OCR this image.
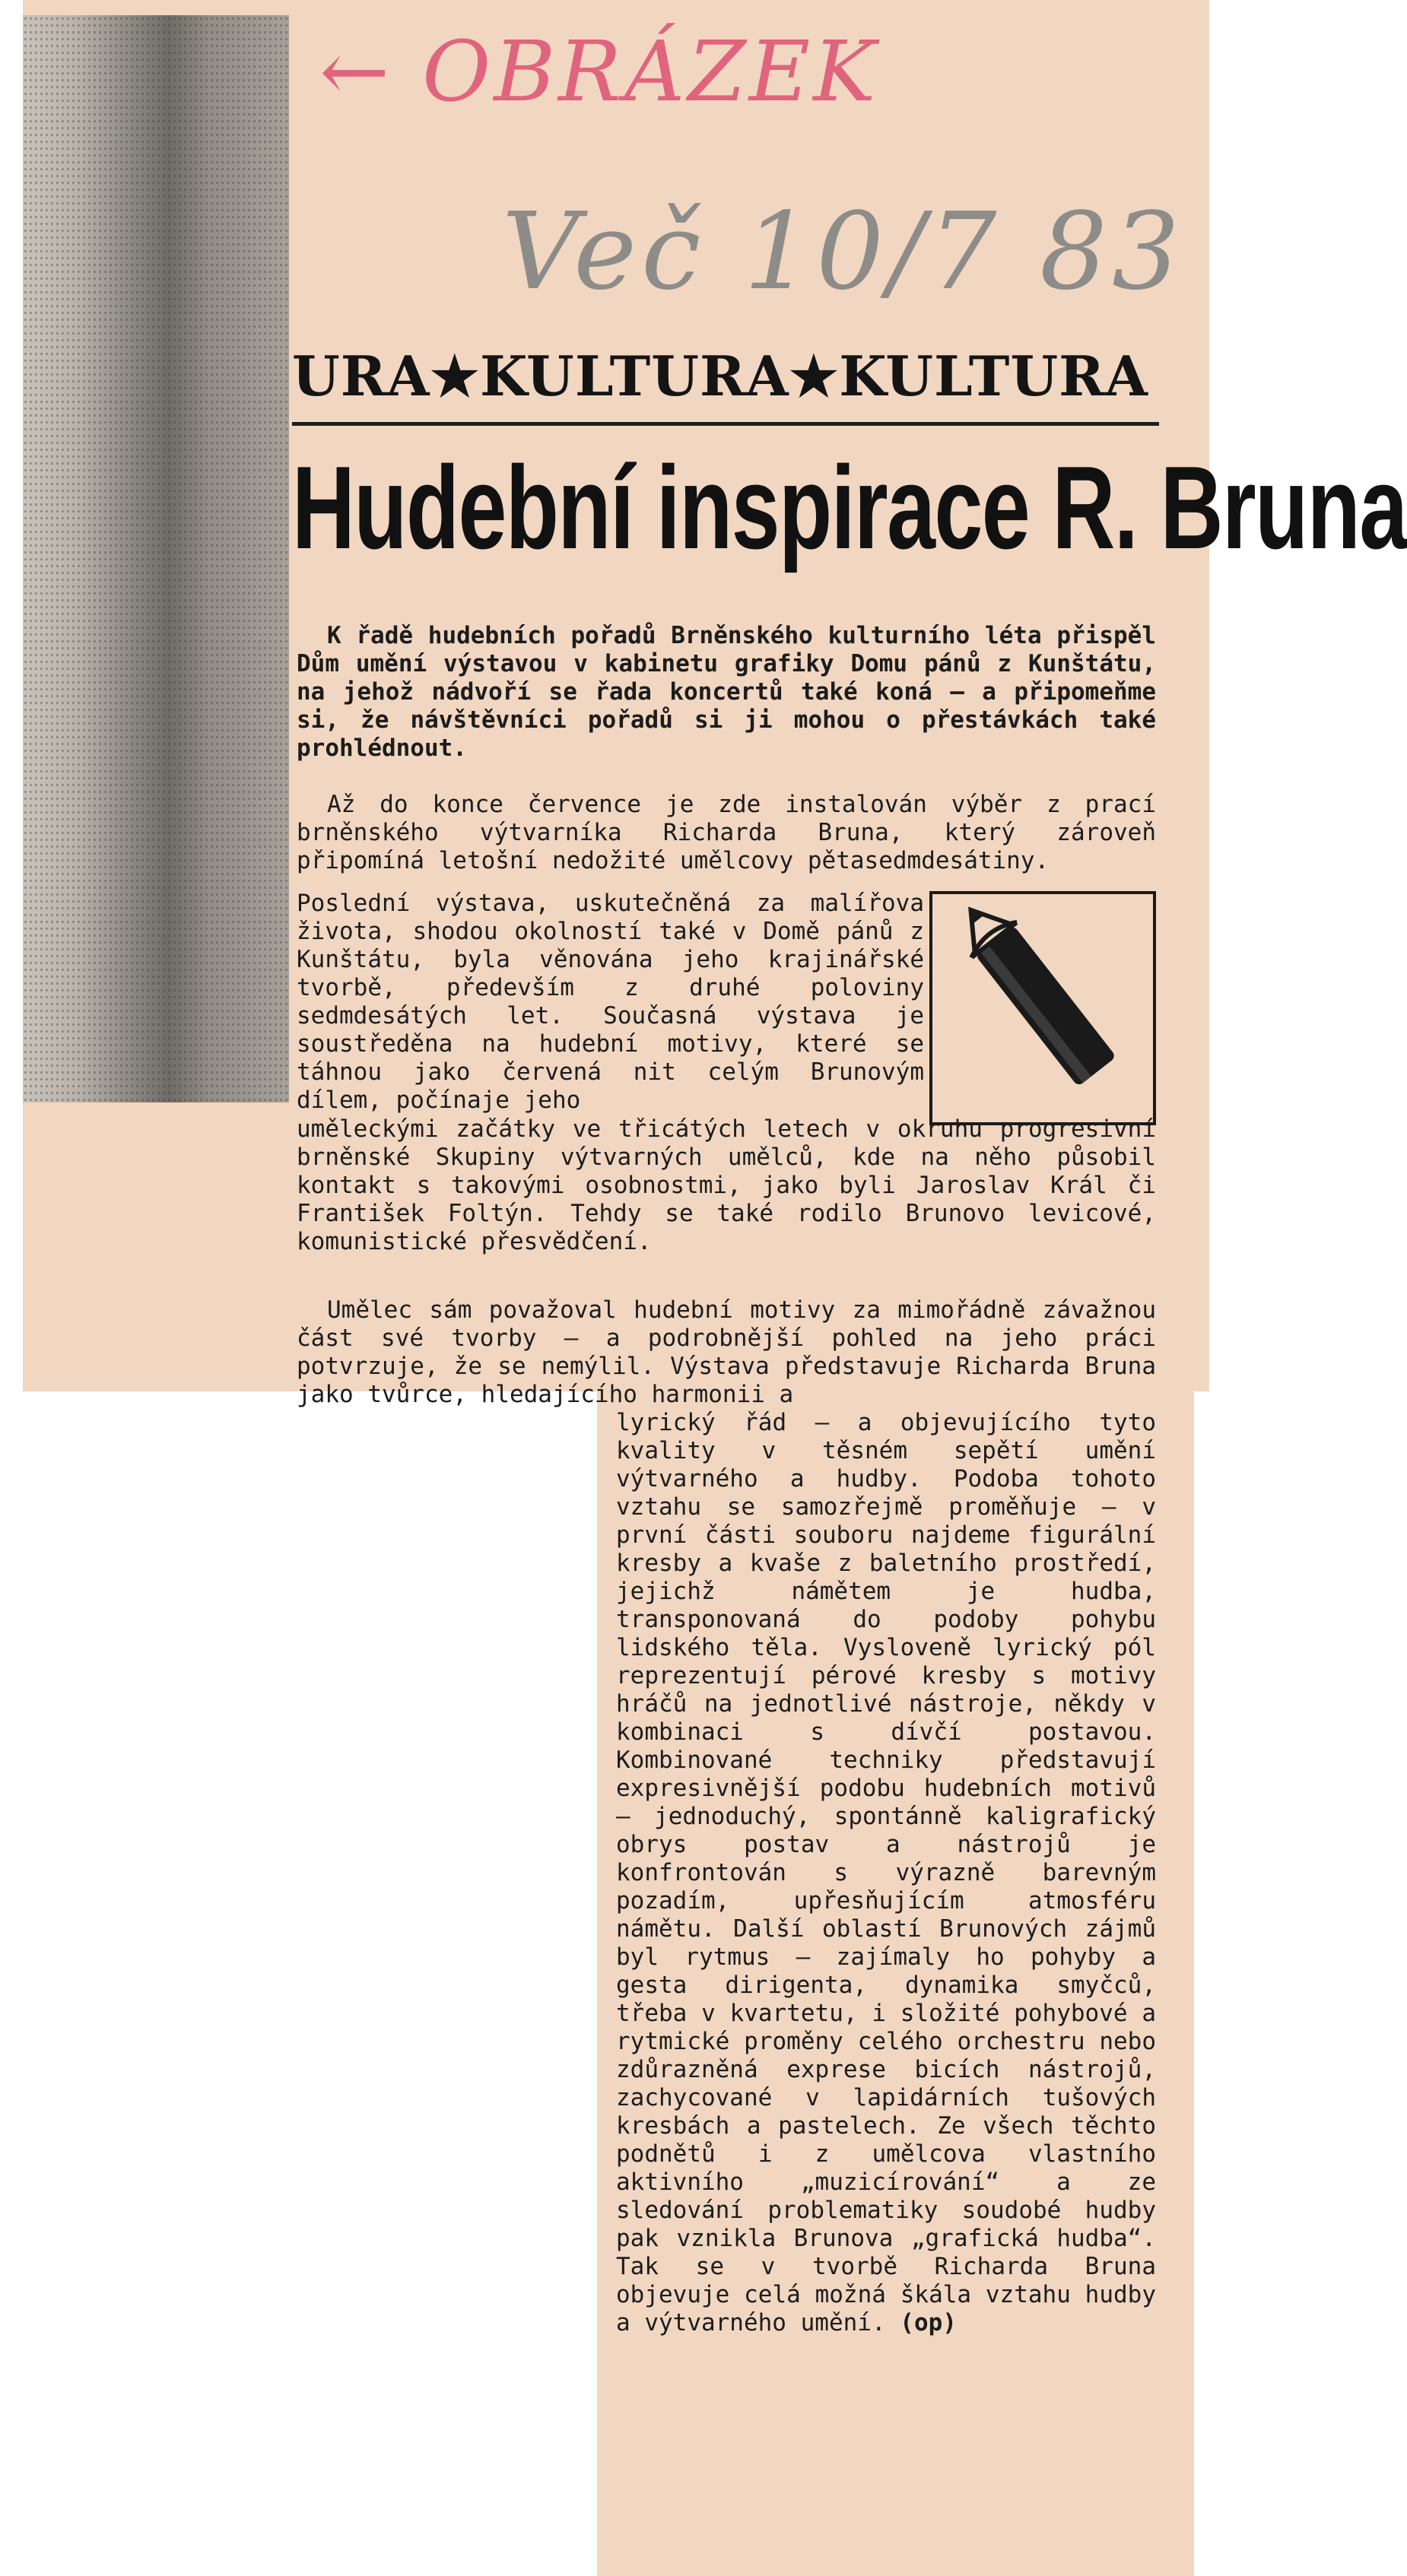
← OBRÁZEK
Več 10/7 83
URA★KULTURA★KULTURA
Hudební inspirace R. Bruna

K řadě hudebních pořadů Brněnského kulturního léta přispěl Dům umění výstavou v kabinetu grafiky Domu pánů z Kunštátu, na jehož nádvoří se řada koncertů také koná — a připomeňme si, že návštěvníci pořadů si ji mohou o přestávkách také prohlédnout.

Až do konce července je zde instalován výběr z prací brněnského výtvarníka Richarda Bruna, který zároveň připomíná letošní nedožité umělcovy pětasedmdesátiny.

Poslední výstava, uskutečněná za malířova života, shodou okolností také v Domě pánů z Kunštátu, byla věnována jeho krajinářské tvorbě, především z druhé poloviny sedmdesátých let. Současná výstava je soustředěna na hudební motivy, které se táhnou jako červená nit celým Brunovým dílem, počínaje jeho

uměleckými začátky ve třicátých letech v okruhu progresivní brněnské Skupiny výtvarných umělců, kde na něho působil kontakt s takovými osobnostmi, jako byli Jaroslav Král či František Foltýn. Tehdy se také rodilo Brunovo levicové, komunistické přesvědčení.

Umělec sám považoval hudební motivy za mimořádně závažnou část své tvorby — a podrobnější pohled na jeho práci potvrzuje, že se nemýlil. Výstava představuje Richarda Bruna jako tvůrce, hledajícího harmonii a

lyrický řád — a objevujícího tyto kvality v těsném sepětí umění výtvarného a hudby. Podoba tohoto vztahu se samozřejmě proměňuje — v první části souboru najdeme figurální kresby a kvaše z baletního prostředí, jejichž námětem je hudba, transponovaná do podoby pohybu lidského těla. Vysloveně lyrický pól reprezentují pérové kresby s motivy hráčů na jednotlivé nástroje, někdy v kombinaci s dívčí postavou. Kombinované techniky představují expresivnější podobu hudebních motivů — jednoduchý, spontánně kaligrafický obrys postav a nástrojů je konfrontován s výrazně barevným pozadím, upřesňujícím atmosféru námětu. Další oblastí Brunových zájmů byl rytmus — zajímaly ho pohyby a gesta dirigenta, dynamika smyčců, třeba v kvartetu, i složité pohybové a rytmické proměny celého orchestru nebo zdůrazněná exprese bicích nástrojů, zachycované v lapidárních tušových kresbách a pastelech. Ze všech těchto podnětů i z umělcova vlastního aktivního „muzicírování“ a ze sledování problematiky soudobé hudby pak vznikla Brunova „grafická hudba“. Tak se v tvorbě Richarda Bruna objevuje celá možná škála vztahu hudby a výtvarného umění. (op)
